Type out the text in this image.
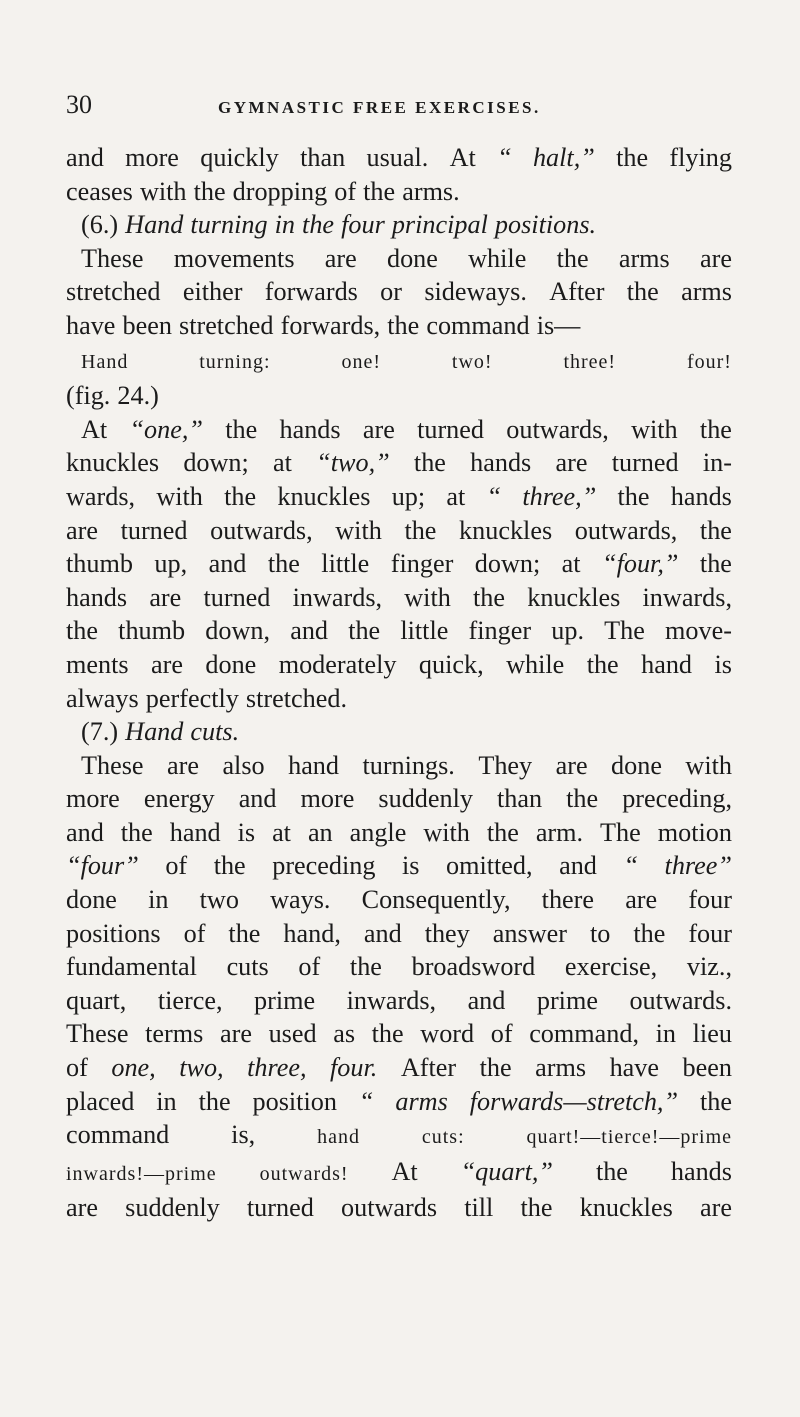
30	GYMNASTIC FREE EXERCISES.
and more quickly than usual. At “ halt,” the flying
ceases with the dropping of the arms.
(6.) Hand turning in the four principal positions.
These movements are done while the arms are
stretched either forwards or sideways. After the arms
have been stretched forwards, the command is—
Hand	turning:	one!	two!	three!	four!
(fig. 24.)
At “one,” the hands are turned outwards, with the
knuckles down; at “two,” the hands are turned in-
wards, with the knuckles up; at “ three,” the hands
are turned outwards, with the knuckles outwards, the
thumb up, and the little finger down; at “four,” the
hands are turned inwards, with the knuckles inwards,
the thumb down, and the little finger up. The move-
ments are done moderately quick, while the hand is
always perfectly stretched.
(7.) Hand cuts.
These are also hand turnings. They are done with
more energy and more suddenly than the preceding,
and the hand is at an angle with the arm. The motion
“four” of the preceding is omitted, and “ three”
done in two ways. Consequently, there are four
positions of the hand, and they answer to the four
fundamental cuts of the broadsword exercise, viz.,
quart, tierce, prime inwards, and prime outwards.
These terms are used as the word of command, in lieu
of one, two, three, four. After the arms have been
placed in the position “ arms forwards—stretch,” the
command is,	hand	cuts:	quart!—tierce!—prime
inwards!—prime outwards! At “quart,” the hands
are suddenly turned outwards till the knuckles are
